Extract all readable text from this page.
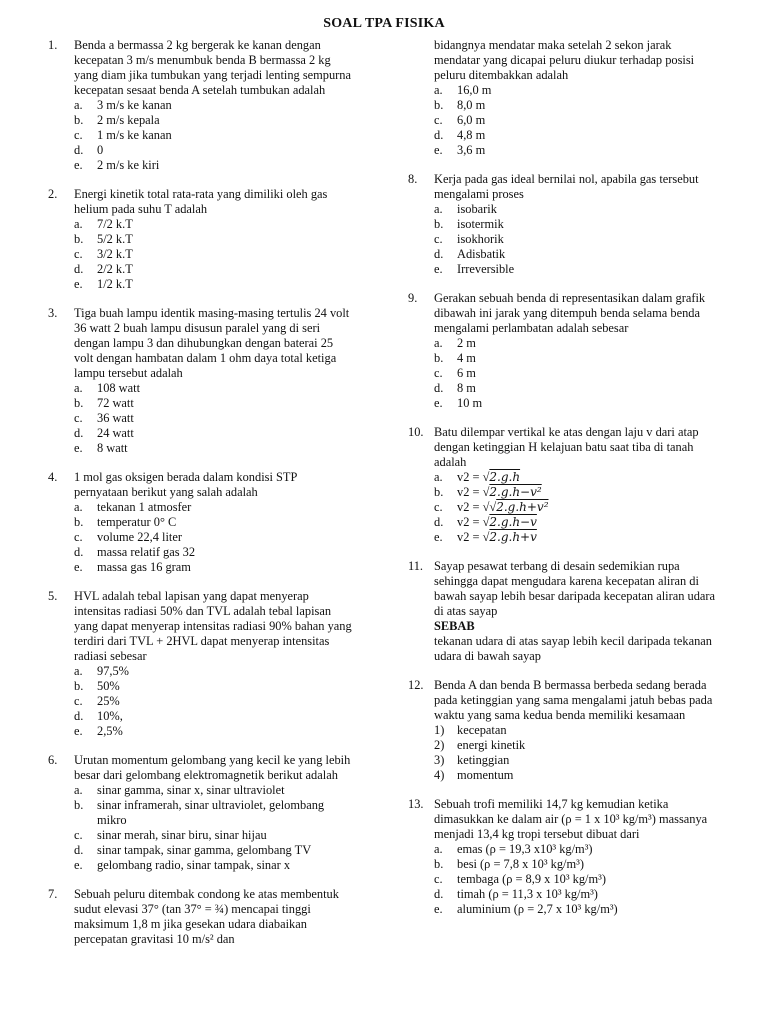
SOAL TPA FISIKA
1. Benda a bermassa 2 kg bergerak ke kanan dengan kecepatan 3 m/s menumbuk benda B bermassa 2 kg yang diam jika tumbukan yang terjadi lenting sempurna kecepatan sesaat benda A setelah tumbukan adalah
a. 3 m/s ke kanan
b. 2 m/s kepala
c. 1 m/s ke kanan
d. 0
e. 2 m/s ke kiri
2. Energi kinetik total rata-rata yang dimiliki oleh gas helium pada suhu T adalah
a. 7/2 k.T
b. 5/2 k.T
c. 3/2 k.T
d. 2/2 k.T
e. 1/2 k.T
3. Tiga buah lampu identik masing-masing tertulis 24 volt 36 watt 2 buah lampu disusun paralel yang di seri dengan lampu 3 dan dihubungkan dengan baterai 25 volt dengan hambatan dalam 1 ohm daya total ketiga lampu tersebut adalah
a. 108 watt
b. 72 watt
c. 36 watt
d. 24 watt
e. 8 watt
4. 1 mol gas oksigen berada dalam kondisi STP pernyataan berikut yang salah adalah
a. tekanan 1 atmosfer
b. temperatur 0° C
c. volume 22,4 liter
d. massa relatif gas 32
e. massa gas 16 gram
5. HVL adalah tebal lapisan yang dapat menyerap intensitas radiasi 50% dan TVL adalah tebal lapisan yang dapat menyerap intensitas radiasi 90% bahan yang terdiri dari TVL + 2HVL dapat menyerap intensitas radiasi sebesar
a. 97,5%
b. 50%
c. 25%
d. 10%,
e. 2,5%
6. Urutan momentum gelombang yang kecil ke yang lebih besar dari gelombang elektromagnetik berikut adalah
a. sinar gamma, sinar x, sinar ultraviolet
b. sinar inframerah, sinar ultraviolet, gelombang mikro
c. sinar merah, sinar biru, sinar hijau
d. sinar tampak, sinar gamma, gelombang TV
e. gelombang radio, sinar tampak, sinar x
7. Sebuah peluru ditembak condong ke atas membentuk sudut elevasi 37° (tan 37° = ¾) mencapai tinggi maksimum 1,8 m jika gesekan udara diabaikan percepatan gravitasi 10 m/s² dan
bidangnya mendatar maka setelah 2 sekon jarak mendatar yang dicapai peluru diukur terhadap posisi peluru ditembakkan adalah
a. 16,0 m
b. 8,0 m
c. 6,0 m
d. 4,8 m
e. 3,6 m
8. Kerja pada gas ideal bernilai nol, apabila gas tersebut mengalami proses
a. isobarik
b. isotermik
c. isokhorik
d. Adisbatik
e. Irreversible
9. Gerakan sebuah benda di representasikan dalam grafik dibawah ini jarak yang ditempuh benda selama benda mengalami perlambatan adalah sebesar
a. 2 m
b. 4 m
c. 6 m
d. 8 m
e. 10 m
10. Batu dilempar vertikal ke atas dengan laju v dari atap dengan ketinggian H kelajuan batu saat tiba di tanah adalah
a. v2 = √2.g.h
b. v2 = √2.g.h−v²
c. v2 = √√2.g.h+v²
d. v2 = √2.g.h−v
e. v2 = √2.g.h+v
11. Sayap pesawat terbang di desain sedemikian rupa sehingga dapat mengudara karena kecepatan aliran di bawah sayap lebih besar daripada kecepatan aliran udara di atas sayap
SEBAB
tekanan udara di atas sayap lebih kecil daripada tekanan udara di bawah sayap
12. Benda A dan benda B bermassa berbeda sedang berada pada ketinggian yang sama mengalami jatuh bebas pada waktu yang sama kedua benda memiliki kesamaan
1) kecepatan
2) energi kinetik
3) ketinggian
4) momentum
13. Sebuah trofi memiliki 14,7 kg kemudian ketika dimasukkan ke dalam air (ρ = 1 x 10³ kg/m³) massanya menjadi 13,4 kg tropi tersebut dibuat dari
a. emas (ρ = 19,3 x10³ kg/m³)
b. besi (ρ = 7,8 x 10³ kg/m³)
c. tembaga (ρ = 8,9 x 10³ kg/m³)
d. timah (ρ = 11,3 x 10³ kg/m³)
e. aluminium (ρ = 2,7 x 10³ kg/m³)
